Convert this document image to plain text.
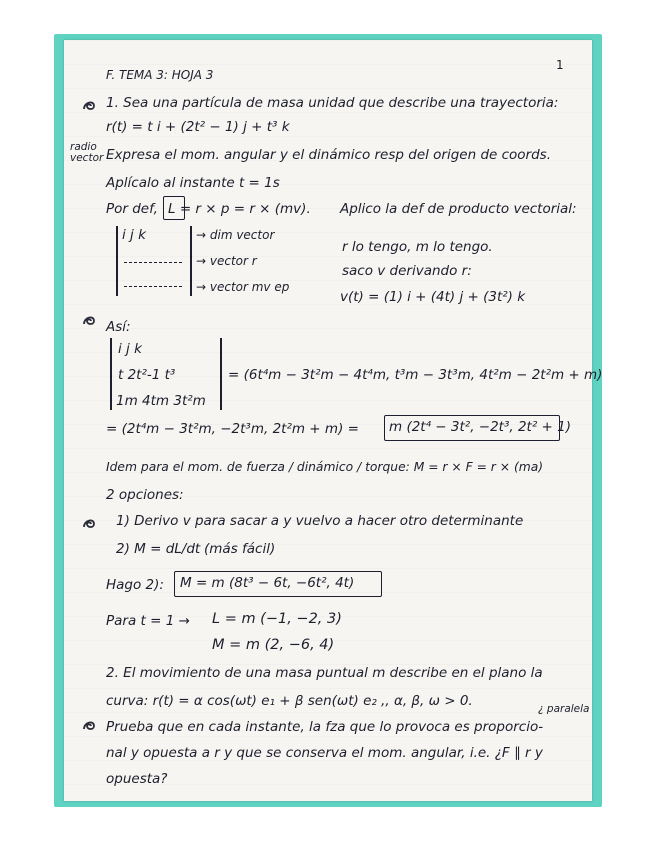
F. TEMA 3: HOJA 3
1
1. Sea una partícula de masa unidad que describe una trayectoria:
r(t) = t i + (2t² − 1) j + t³ k
radio vector Expresa el mom. angular y el dinámico resp del origen de coords.
Aplícalo al instante t = 1s
Por def, L = r × p = r × (mv). Aplico la def de producto vectorial:
i j k	→ dim vector
→ vector r
→ vector mv ep
r lo tengo, m lo tengo.
saco v derivando r:
v(t) = (1) i + (4t) j + (3t²) k
Así:
i j k
t 2t²-1 t³
1m 4tm 3t²m
= (6t⁴m − 3t²m − 4t⁴m, t³m − 3t³m, 4t²m − 2t²m + m)
= (2t⁴m − 3t²m, −2t³m, 2t²m + m) = m (2t⁴ − 3t², −2t³, 2t² + 1)
Idem para el mom. de fuerza / dinámico / torque: M = r × F = r × (ma)
2 opciones:
1) Derivo v para sacar a y vuelvo a hacer otro determinante
2) M = dL/dt (más fácil)
Hago 2): M = m (8t³ − 6t, −6t², 4t)
Para t = 1 → L = m (−1, −2, 3)
M = m (2, −6, 4)
2. El movimiento de una masa puntual m describe en el plano la
curva: r(t) = α cos(ωt) e₁ + β sen(ωt) e₂ ,, α, β, ω > 0.	¿ paralela
Prueba que en cada instante, la fza que lo provoca es proporcio-
nal y opuesta a r y que se conserva el mom. angular, i.e. ¿F ∥ r y
opuesta?
